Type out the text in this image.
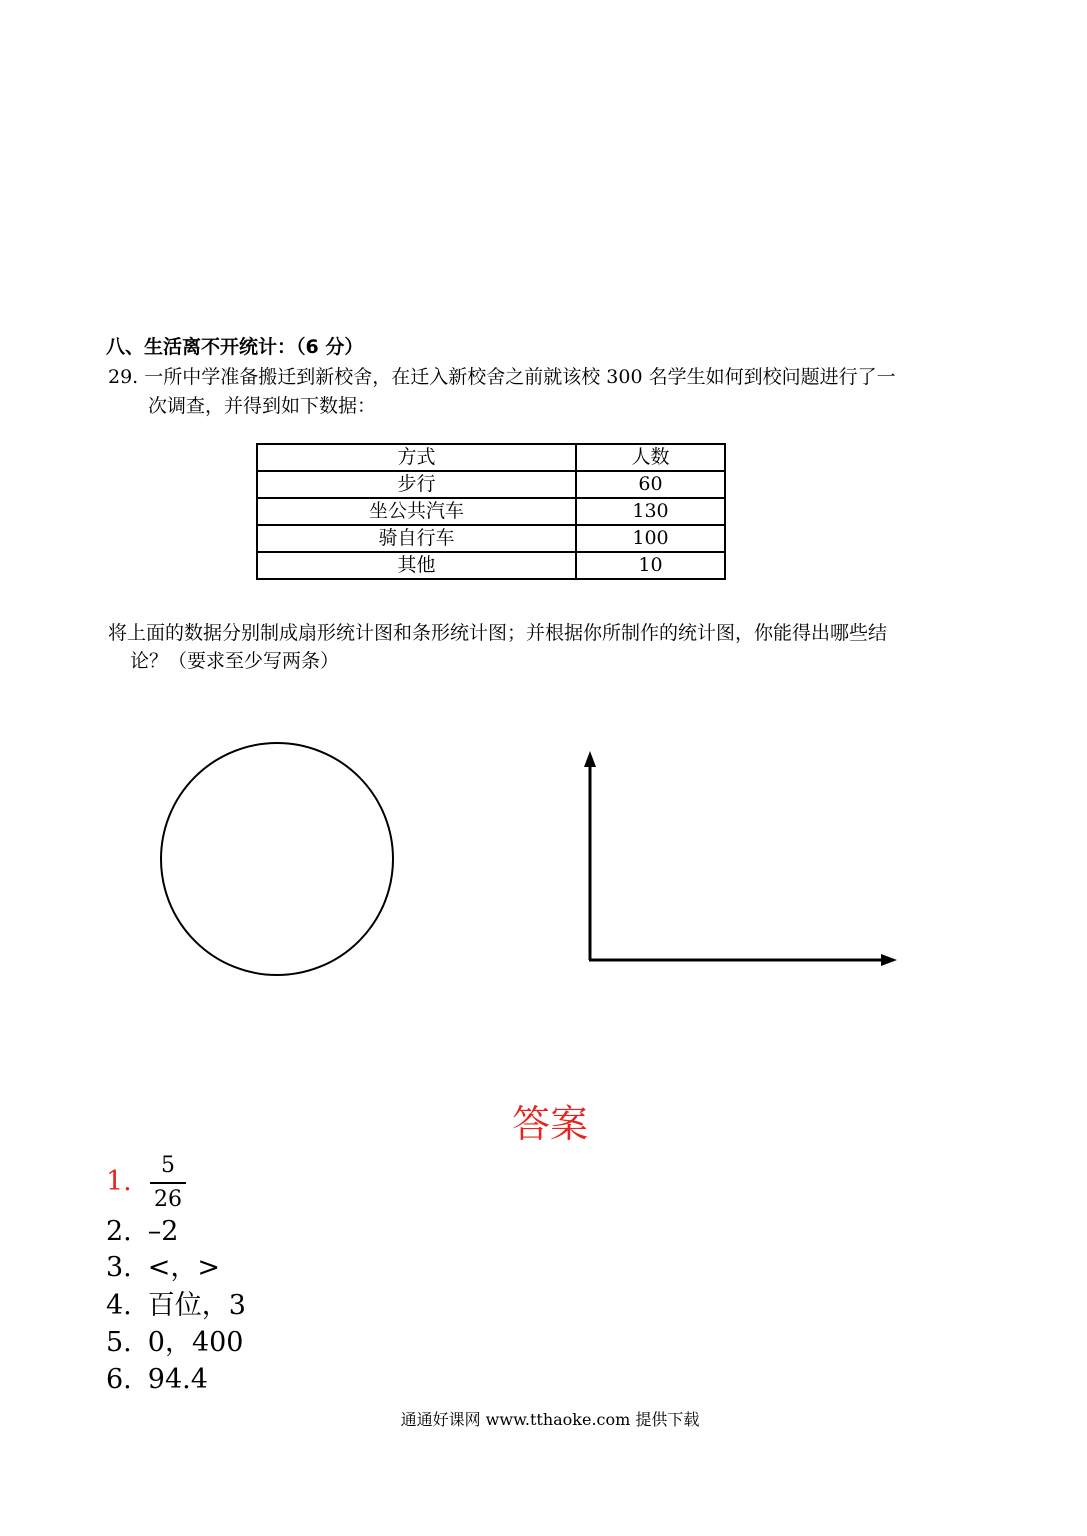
八、生活离不开统计：（6 分）
29. 一所中学准备搬迁到新校舍，在迁入新校舍之前就该校 300 名学生如何到校问题进行了一
次调查，并得到如下数据：
方式	人数
步行	60
坐公共汽车	130
骑自行车	100
其他	10
将上面的数据分别制成扇形统计图和条形统计图；并根据你所制作的统计图，你能得出哪些结
论？（要求至少写两条）
答案
1.
5
26
2. –2
3. <，>
4. 百位，3
5. 0，400
6. 94.4
通通好课网 www.tthaoke.com 提供下载
